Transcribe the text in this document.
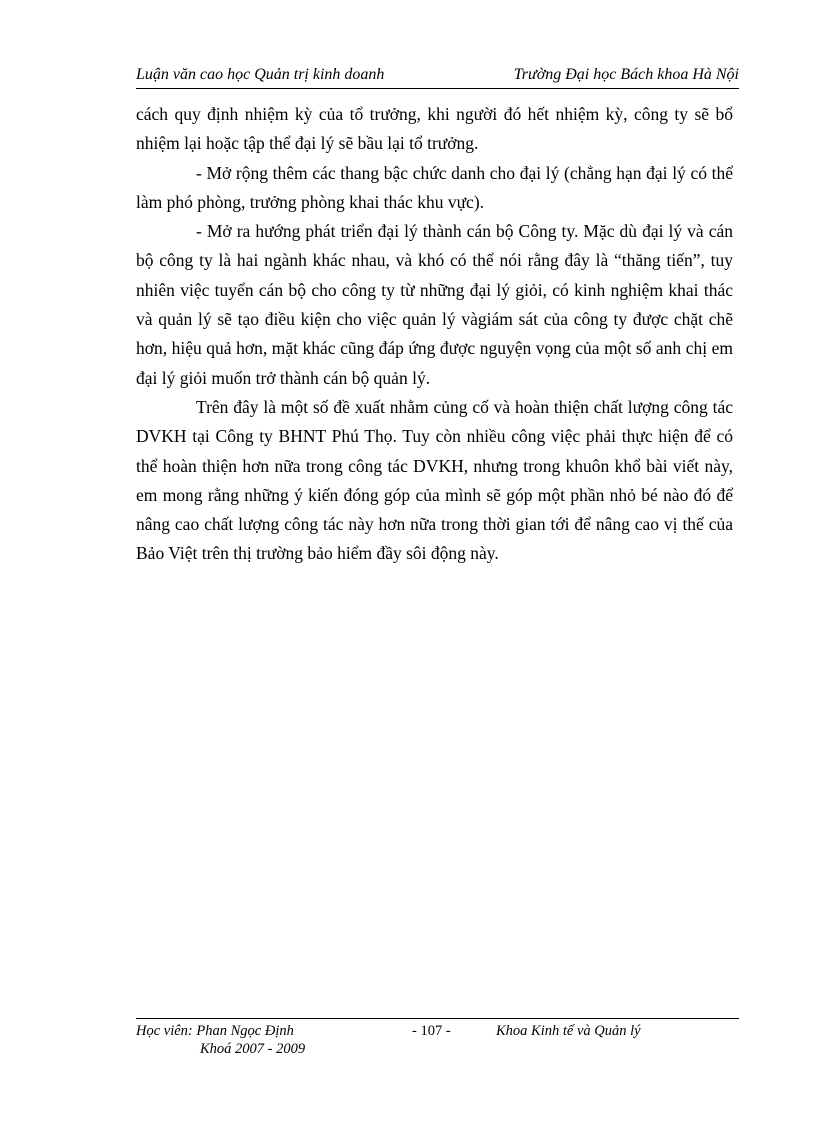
Luận văn cao học Quản trị kinh doanh	Trường Đại học Bách khoa Hà Nội

cách quy định nhiệm kỳ của tổ trưởng, khi người đó hết nhiệm kỳ, công ty sẽ bổ nhiệm lại hoặc tập thể đại lý sẽ bầu lại tổ trưởng.

- Mở rộng thêm các thang bậc chức danh cho đại lý (chẳng hạn đại lý có thể làm phó phòng, trưởng phòng khai thác khu vực).

- Mở ra hướng phát triển đại lý thành cán bộ Công ty. Mặc dù đại lý và cán bộ công ty là hai ngành khác nhau, và khó có thể nói rằng đây là “thăng tiến”, tuy nhiên việc tuyển cán bộ cho công ty từ những đại lý giỏi, có kinh nghiệm khai thác và quản lý sẽ tạo điều kiện cho việc quản lý vàgiám sát của công ty được chặt chẽ hơn, hiệu quả hơn, mặt khác cũng đáp ứng được nguyện vọng của một số anh chị em đại lý giỏi muốn trở thành cán bộ quản lý.

Trên đây là một số đề xuất nhằm củng cố và hoàn thiện chất lượng công tác DVKH tại Công ty BHNT Phú Thọ. Tuy còn nhiều công việc phải thực hiện để có thể hoàn thiện hơn nữa trong công tác DVKH, nhưng trong khuôn khổ bài viết này, em mong rằng những ý kiến đóng góp của mình sẽ góp một phần nhỏ bé nào đó để nâng cao chất lượng công tác này hơn nữa trong thời gian tới để nâng cao vị thế của Bảo Việt trên thị trường bảo hiểm đầy sôi động này.

Học viên: Phan Ngọc Định
Khoá 2007 - 2009
- 107 -	Khoa Kinh tế và Quản lý
